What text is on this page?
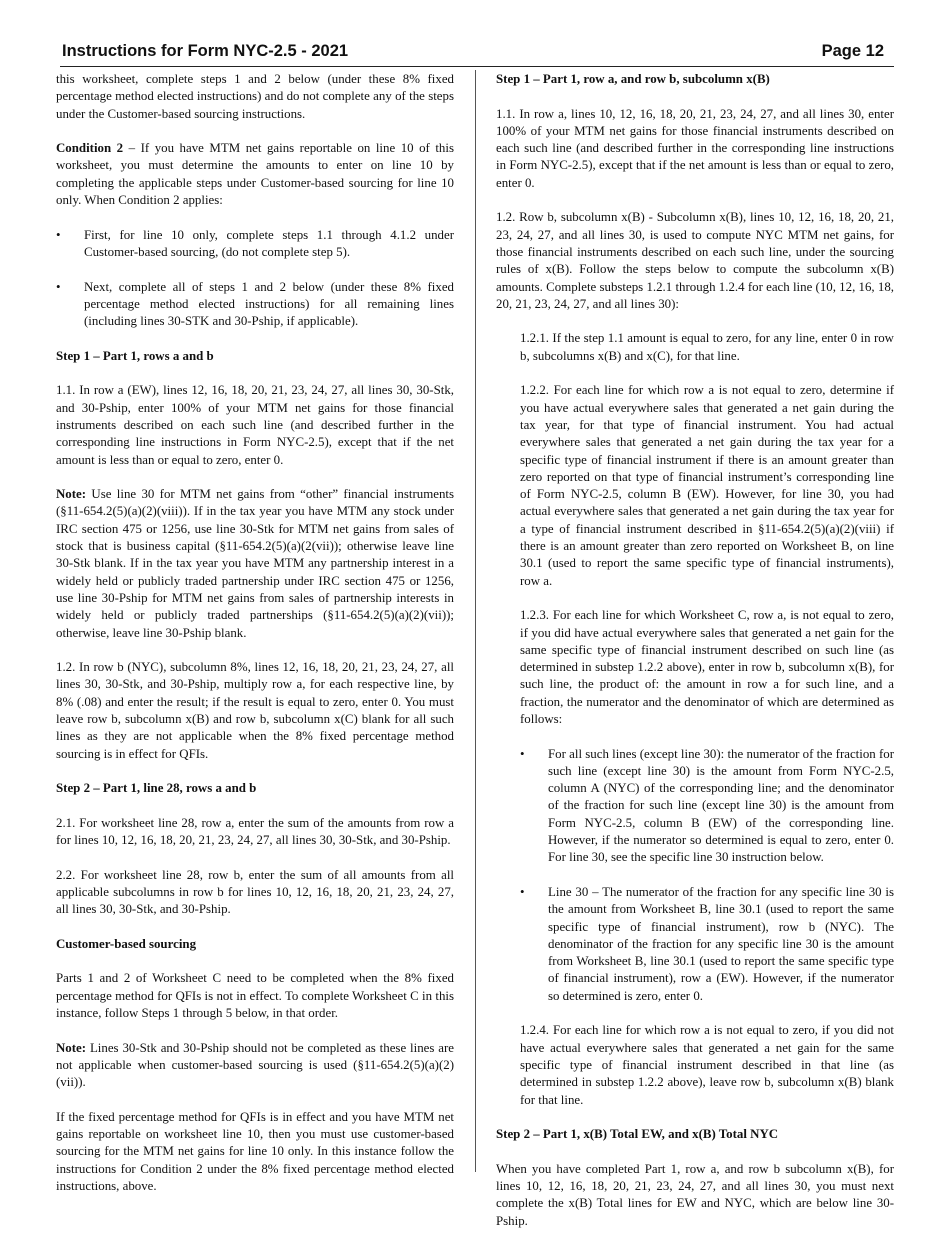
Instructions for Form NYC-2.5 - 2021	Page 12

this worksheet, complete steps 1 and 2 below (under these 8% fixed percentage method elected instructions) and do not complete any of the steps under the Customer-based sourcing instructions.

Condition 2 – If you have MTM net gains reportable on line 10 of this worksheet, you must determine the amounts to enter on line 10 by completing the applicable steps under Customer-based sourcing for line 10 only. When Condition 2 applies:

• First, for line 10 only, complete steps 1.1 through 4.1.2 under Customer-based sourcing, (do not complete step 5).

• Next, complete all of steps 1 and 2 below (under these 8% fixed percentage method elected instructions) for all remaining lines (including lines 30-STK and 30-Pship, if applicable).

Step 1 – Part 1, rows a and b

1.1. In row a (EW), lines 12, 16, 18, 20, 21, 23, 24, 27, all lines 30, 30-Stk, and 30-Pship, enter 100% of your MTM net gains for those financial instruments described on each such line (and described further in the corresponding line instructions in Form NYC-2.5), except that if the net amount is less than or equal to zero, enter 0.

Note: Use line 30 for MTM net gains from “other” financial instruments (§11-654.2(5)(a)(2)(viii)). If in the tax year you have MTM any stock under IRC section 475 or 1256, use line 30-Stk for MTM net gains from sales of stock that is business capital (§11-654.2(5)(a)(2(vii)); otherwise leave line 30-Stk blank. If in the tax year you have MTM any partnership interest in a widely held or publicly traded partnership under IRC section 475 or 1256, use line 30-Pship for MTM net gains from sales of partnership interests in widely held or publicly traded partnerships (§11-654.2(5)(a)(2)(vii)); otherwise, leave line 30-Pship blank.

1.2. In row b (NYC), subcolumn 8%, lines 12, 16, 18, 20, 21, 23, 24, 27, all lines 30, 30-Stk, and 30-Pship, multiply row a, for each respective line, by 8% (.08) and enter the result; if the result is equal to zero, enter 0. You must leave row b, subcolumn x(B) and row b, subcolumn x(C) blank for all such lines as they are not applicable when the 8% fixed percentage method sourcing is in effect for QFIs.

Step 2 – Part 1, line 28, rows a and b

2.1. For worksheet line 28, row a, enter the sum of the amounts from row a for lines 10, 12, 16, 18, 20, 21, 23, 24, 27, all lines 30, 30-Stk, and 30-Pship.

2.2. For worksheet line 28, row b, enter the sum of all amounts from all applicable subcolumns in row b for lines 10, 12, 16, 18, 20, 21, 23, 24, 27, all lines 30, 30-Stk, and 30-Pship.

Customer-based sourcing

Parts 1 and 2 of Worksheet C need to be completed when the 8% fixed percentage method for QFIs is not in effect. To complete Worksheet C in this instance, follow Steps 1 through 5 below, in that order.

Note: Lines 30-Stk and 30-Pship should not be completed as these lines are not applicable when customer-based sourcing is used (§11-654.2(5)(a)(2)(vii)).

If the fixed percentage method for QFIs is in effect and you have MTM net gains reportable on worksheet line 10, then you must use customer-based sourcing for the MTM net gains for line 10 only. In this instance follow the instructions for Condition 2 under the 8% fixed percentage method elected instructions, above.

Step 1 – Part 1, row a, and row b, subcolumn x(B)

1.1. In row a, lines 10, 12, 16, 18, 20, 21, 23, 24, 27, and all lines 30, enter 100% of your MTM net gains for those financial instruments described on each such line (and described further in the corresponding line instructions in Form NYC-2.5), except that if the net amount is less than or equal to zero, enter 0.

1.2. Row b, subcolumn x(B) - Subcolumn x(B), lines 10, 12, 16, 18, 20, 21, 23, 24, 27, and all lines 30, is used to compute NYC MTM net gains, for those financial instruments described on each such line, under the sourcing rules of x(B). Follow the steps below to compute the subcolumn x(B) amounts. Complete substeps 1.2.1 through 1.2.4 for each line (10, 12, 16, 18, 20, 21, 23, 24, 27, and all lines 30):

1.2.1. If the step 1.1 amount is equal to zero, for any line, enter 0 in row b, subcolumns x(B) and x(C), for that line.

1.2.2. For each line for which row a is not equal to zero, determine if you have actual everywhere sales that generated a net gain during the tax year, for that type of financial instrument. You had actual everywhere sales that generated a net gain during the tax year for a specific type of financial instrument if there is an amount greater than zero reported on that type of financial instrument’s corresponding line of Form NYC-2.5, column B (EW). However, for line 30, you had actual everywhere sales that generated a net gain during the tax year for a type of financial instrument described in §11-654.2(5)(a)(2)(viii) if there is an amount greater than zero reported on Worksheet B, on line 30.1 (used to report the same specific type of financial instruments), row a.

1.2.3. For each line for which Worksheet C, row a, is not equal to zero, if you did have actual everywhere sales that generated a net gain for the same specific type of financial instrument described on such line (as determined in substep 1.2.2 above), enter in row b, subcolumn x(B), for such line, the product of: the amount in row a for such line, and a fraction, the numerator and the denominator of which are determined as follows:

• For all such lines (except line 30): the numerator of the fraction for such line (except line 30) is the amount from Form NYC-2.5, column A (NYC) of the corresponding line; and the denominator of the fraction for such line (except line 30) is the amount from Form NYC-2.5, column B (EW) of the corresponding line. However, if the numerator so determined is equal to zero, enter 0. For line 30, see the specific line 30 instruction below.

• Line 30 – The numerator of the fraction for any specific line 30 is the amount from Worksheet B, line 30.1 (used to report the same specific type of financial instrument), row b (NYC). The denominator of the fraction for any specific line 30 is the amount from Worksheet B, line 30.1 (used to report the same specific type of financial instrument), row a (EW). However, if the numerator so determined is zero, enter 0.

1.2.4. For each line for which row a is not equal to zero, if you did not have actual everywhere sales that generated a net gain for the same specific type of financial instrument described in that line (as determined in substep 1.2.2 above), leave row b, subcolumn x(B) blank for that line.

Step 2 – Part 1, x(B) Total EW, and x(B) Total NYC

When you have completed Part 1, row a, and row b subcolumn x(B), for lines 10, 12, 16, 18, 20, 21, 23, 24, 27, and all lines 30, you must next complete the x(B) Total lines for EW and NYC, which are below line 30-Pship.
